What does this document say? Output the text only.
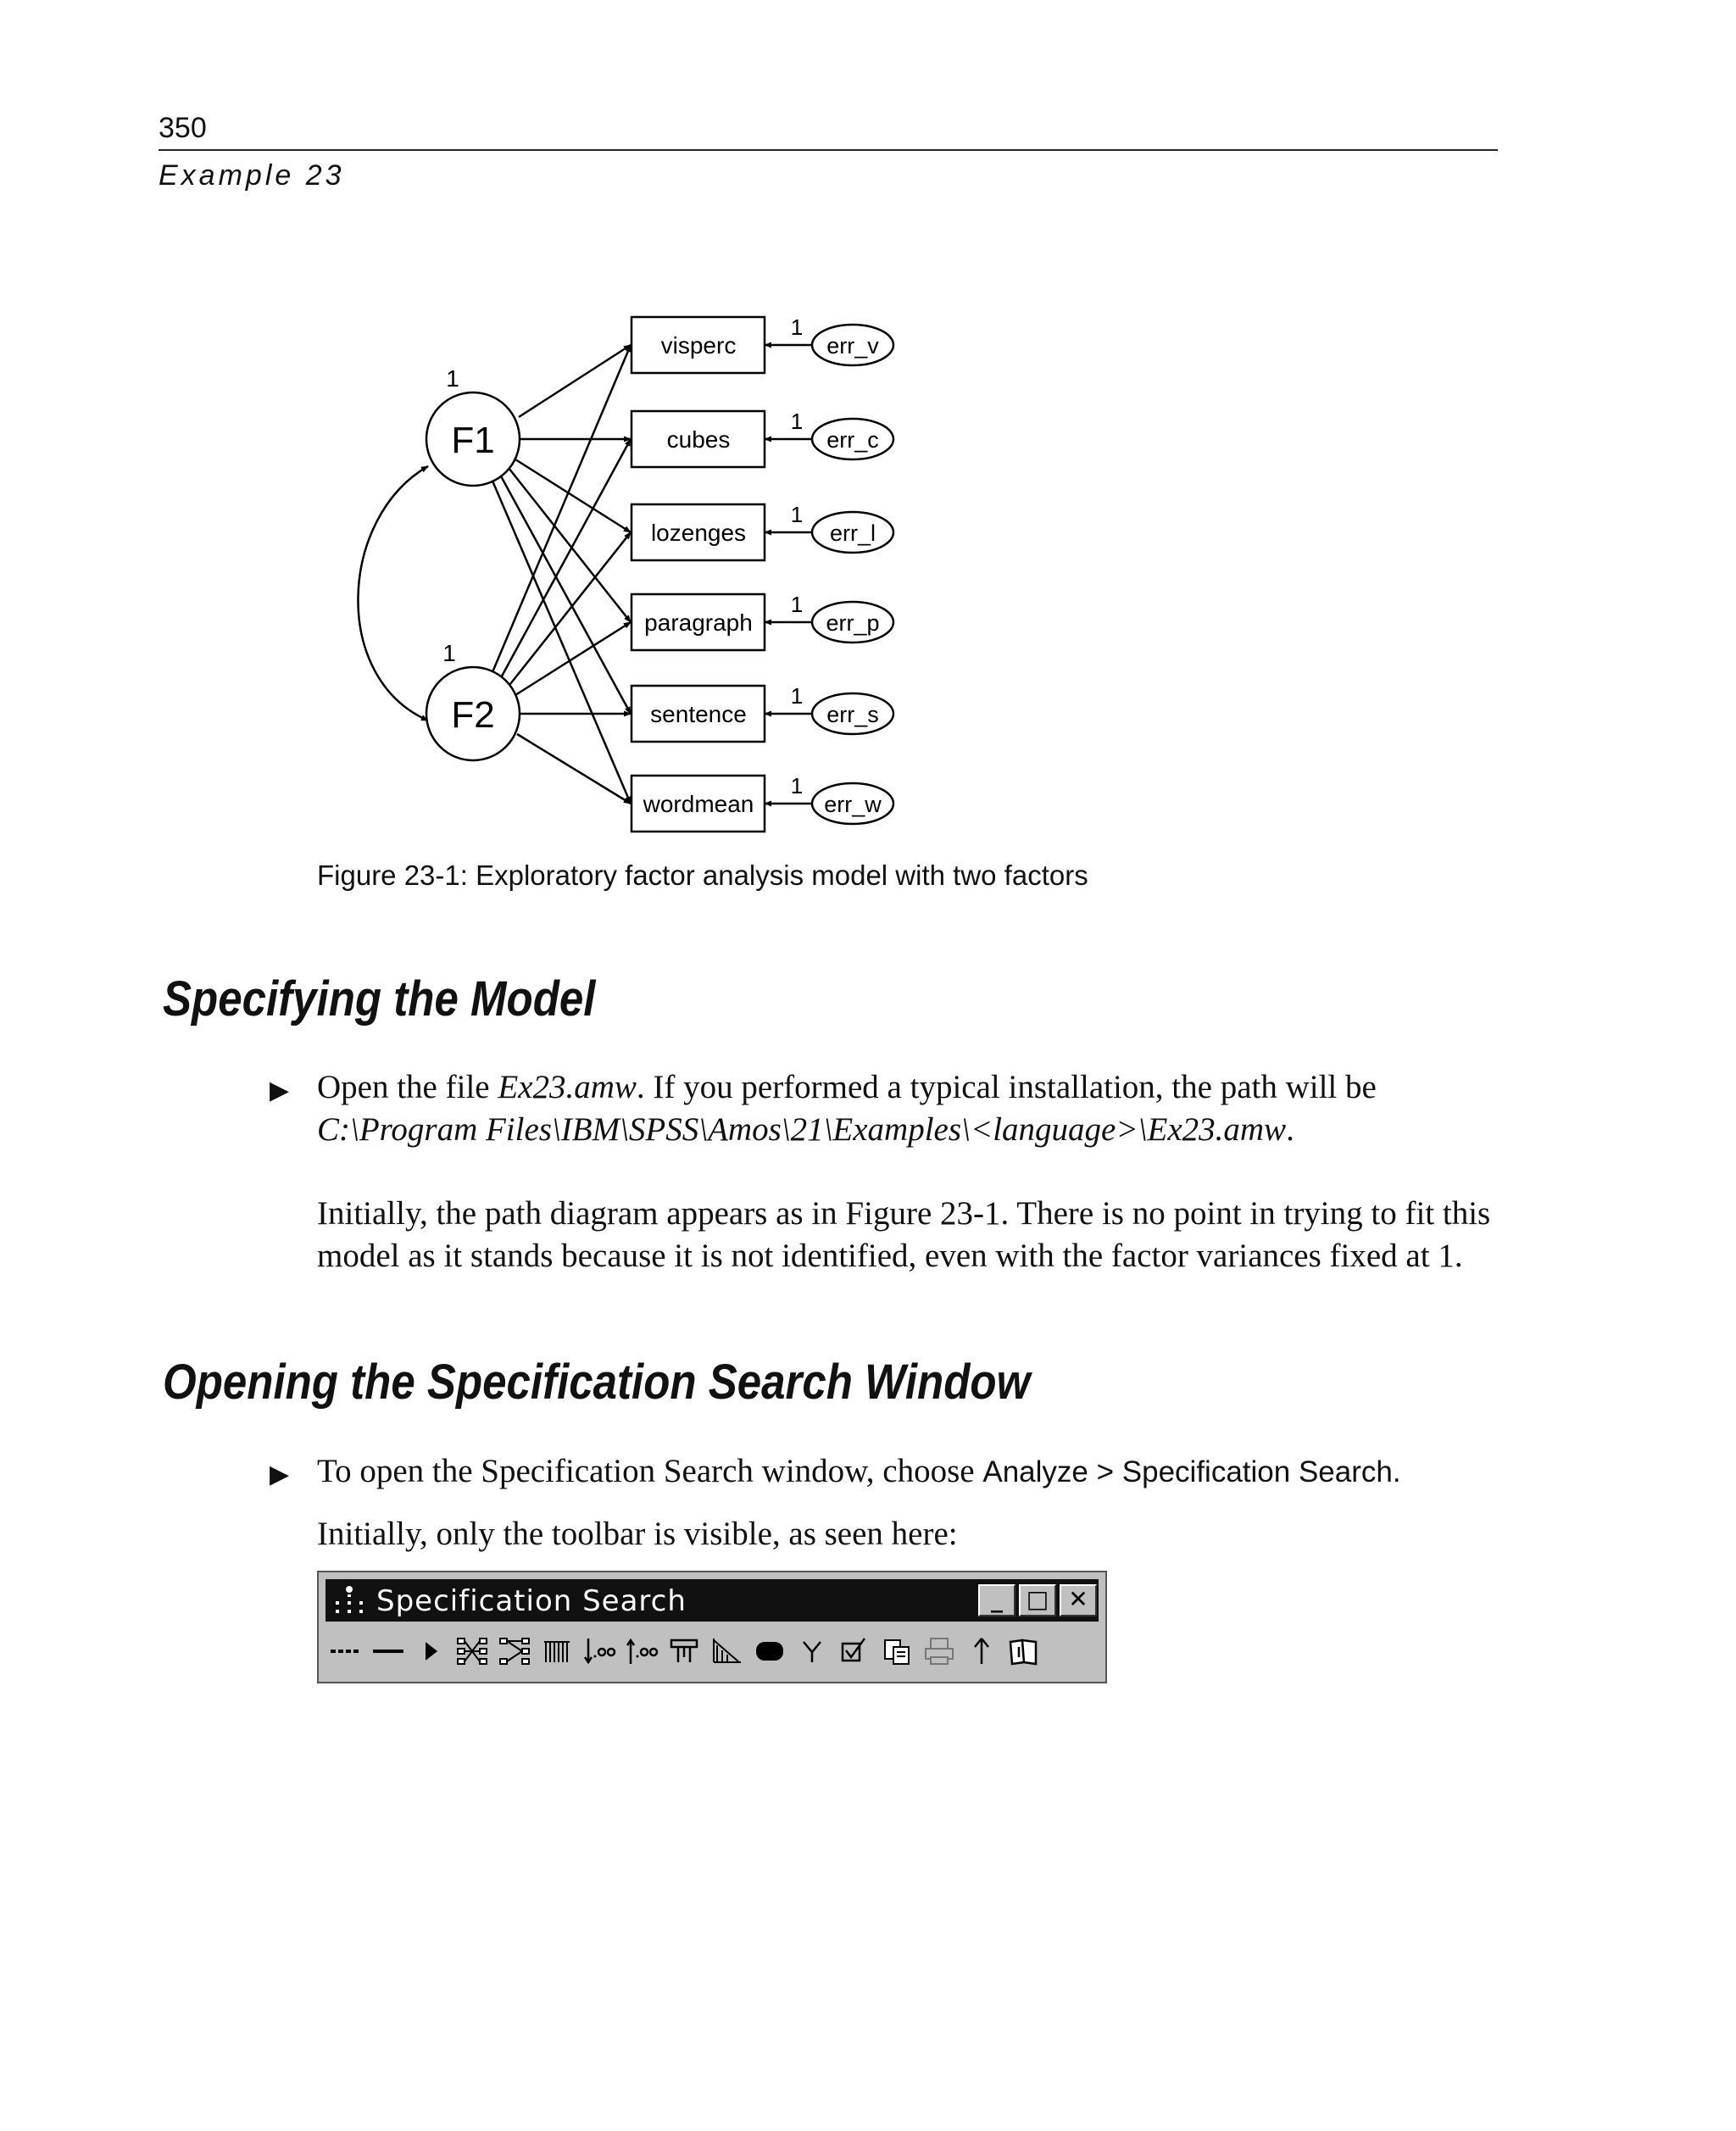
350
Example 23
F1
F2
1
1
visperc
cubes
lozenges
paragraph
sentence
wordmean
err_v
err_c
err_l
err_p
err_s
err_w
1
1
1
1
1
1
Figure 23-1: Exploratory factor analysis model with two factors
Specifying the Model
▶ Open the file Ex23.amw. If you performed a typical installation, the path will be
C:\Program Files\IBM\SPSS\Amos\21\Examples\<language>\Ex23.amw.
Initially, the path diagram appears as in Figure 23-1. There is no point in trying to fit this
model as it stands because it is not identified, even with the factor variances fixed at 1.
Opening the Specification Search Window
▶ To open the Specification Search window, choose Analyze > Specification Search.
Initially, only the toolbar is visible, as seen here:
Specification Search	_ □ ✕
